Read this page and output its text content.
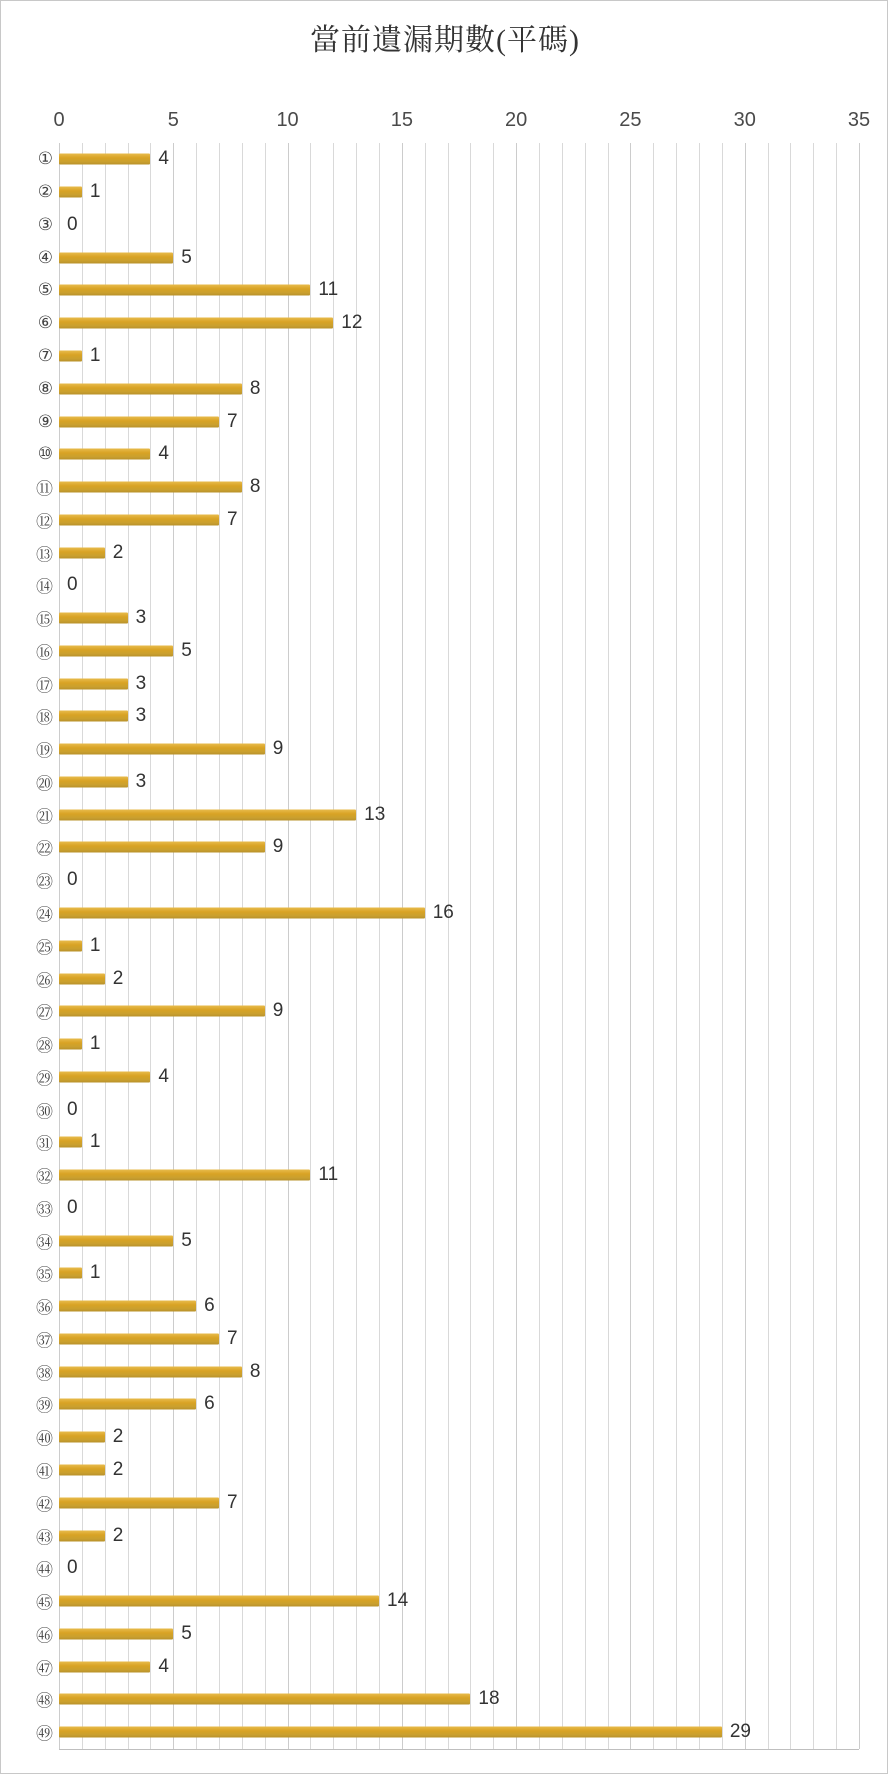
當前遺漏期數(平碼)
0	5	10	15	20	25	30	35
①	4
② 1
③ 0
④	5
⑤	11
⑥	12
⑦ 1
⑧	8
⑨	7
⑩	4
⑪	8
⑫	7
⑬	2
⑭ 0
⑮	3
⑯	5
⑰	3
⑱	3
⑲	9
⑳	3
㉑	13
㉒	9
㉓ 0
㉔	16
㉕ 1
㉖	2
㉗	9
㉘ 1
㉙	4
㉚ 0
㉛ 1
㉜	11
㉝ 0
㉞	5
㉟ 1
㊱	6
㊲	7
㊳	8
㊴	6
㊵	2
㊶	2
㊷	7
㊸	2
㊹ 0
㊺	14
㊻	5
㊼	4
㊽	18
㊾	29
